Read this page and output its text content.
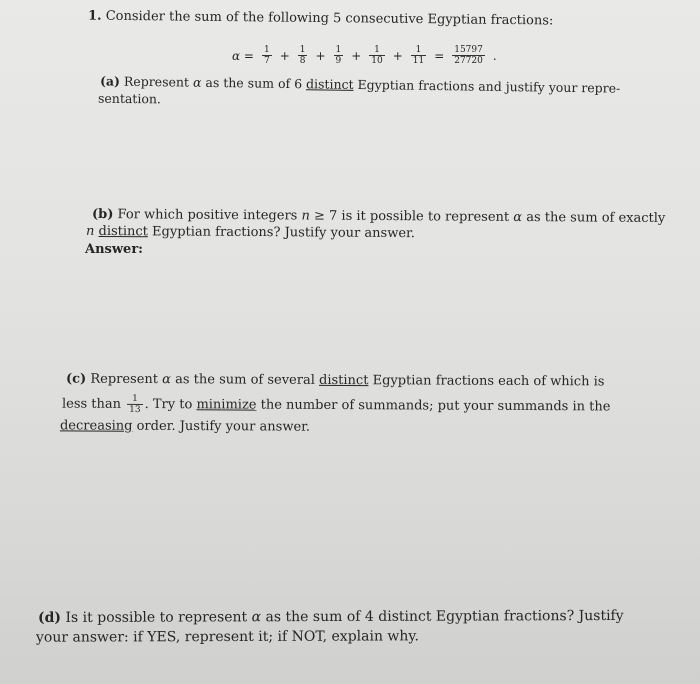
1. Consider the sum of the following 5 consecutive Egyptian fractions:
$\alpha = \frac{1}{7} + \frac{1}{8} + \frac{1}{9} + \frac{1}{10} + \frac{1}{11} = \frac{15797}{27720}$ .
(a) Represent α as the sum of 6 distinct Egyptian fractions and justify your repre-
sentation.
(b) For which positive integers n ≥ 7 is it possible to represent α as the sum of exactly
n distinct Egyptian fractions? Justify your answer.
Answer:
(c) Represent α as the sum of several distinct Egyptian fractions each of which is
less than $\frac{1}{13}$ . Try to minimize the number of summands; put your summands in the
decreasing order. Justify your answer.
(d) Is it possible to represent α as the sum of 4 distinct Egyptian fractions? Justify
your answer: if YES, represent it; if NOT, explain why.
